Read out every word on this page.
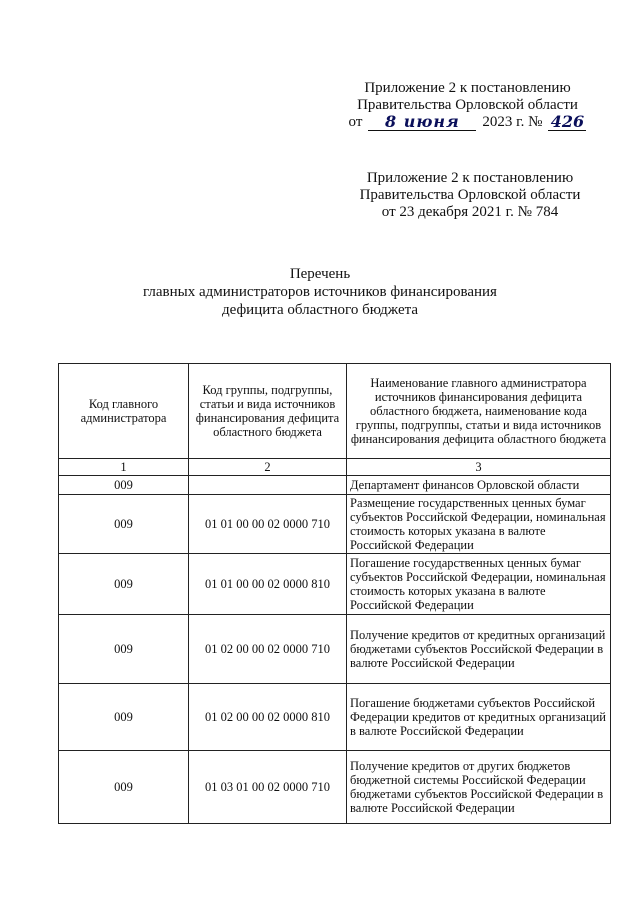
Приложение 2 к постановлению
Правительства Орловской области
от	8 июня	2023 г. № 426
Приложение 2 к постановлению
Правительства Орловской области
от 23 декабря 2021 г. № 784
Перечень
главных администраторов источников финансирования
дефицита областного бюджета
Код главного администратора	Код группы, подгруппы, статьи и вида источников финансирования дефицита областного бюджета	Наименование главного администратора источников финансирования дефицита областного бюджета, наименование кода группы, подгруппы, статьи и вида источников финансирования дефицита областного бюджета
1	2	3
009		Департамент финансов Орловской области
009	01 01 00 00 02 0000 710	Размещение государственных ценных бумаг субъектов Российской Федерации, номинальная стоимость которых указана в валюте Российской Федерации
009	01 01 00 00 02 0000 810	Погашение государственных ценных бумаг субъектов Российской Федерации, номинальная стоимость которых указана в валюте Российской Федерации
009	01 02 00 00 02 0000 710	Получение кредитов от кредитных организаций бюджетами субъектов Российской Федерации в валюте Российской Федерации
009	01 02 00 00 02 0000 810	Погашение бюджетами субъектов Российской Федерации кредитов от кредитных организаций в валюте Российской Федерации
009	01 03 01 00 02 0000 710	Получение кредитов от других бюджетов бюджетной системы Российской Федерации бюджетами субъектов Российской Федерации в валюте Российской Федерации
